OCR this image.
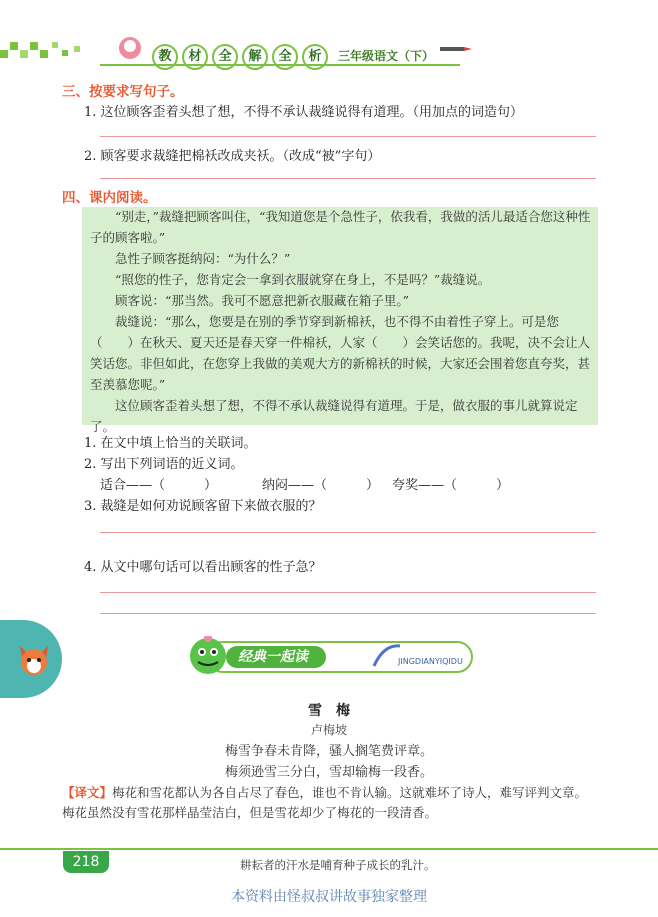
教	材	全	解	全	析	三年级语文（下）
三、按要求写句子。
1. 这位顾客歪着头想了想，不得不承认裁缝说得有道理。（用加点的词造句）
2. 顾客要求裁缝把棉袄改成夹袄。（改成“被”字句）
四、课内阅读。
“别走，”裁缝把顾客叫住，“我知道您是个急性子，依我看，我做的活儿最适合您这种性子的顾客啦。”
急性子顾客挺纳闷：“为什么？”
“照您的性子，您肯定会一拿到衣服就穿在身上，不是吗？”裁缝说。
顾客说：“那当然。我可不愿意把新衣服藏在箱子里。”
裁缝说：“那么，您要是在别的季节穿到新棉袄，也不得不由着性子穿上。可是您（　　）在秋天、夏天还是春天穿一件棉袄，人家（　　）会笑话您的。我呢，决不会让人笑话您。非但如此，在您穿上我做的美观大方的新棉袄的时候，大家还会围着您直夸奖，甚至羡慕您呢。”
这位顾客歪着头想了想，不得不承认裁缝说得有道理。于是，做衣服的事儿就算说定了。
1. 在文中填上恰当的关联词。
2. 写出下列词语的近义词。
适合——（　　　）	纳闷——（　　　） 夸奖——（　　　）
3. 裁缝是如何劝说顾客留下来做衣服的？
4. 从文中哪句话可以看出顾客的性子急？
经典一起读	JINGDIANYIQIDU
雪　梅
卢梅坡
梅雪争春未肯降，骚人搁笔费评章。
梅须逊雪三分白，雪却输梅一段香。
【译文】梅花和雪花都认为各自占尽了春色，谁也不肯认输。这就难坏了诗人，难写评判文章。梅花虽然没有雪花那样晶莹洁白，但是雪花却少了梅花的一段清香。
218	耕耘者的汗水是哺育种子成长的乳汁。
本资料由怪叔叔讲故事独家整理
